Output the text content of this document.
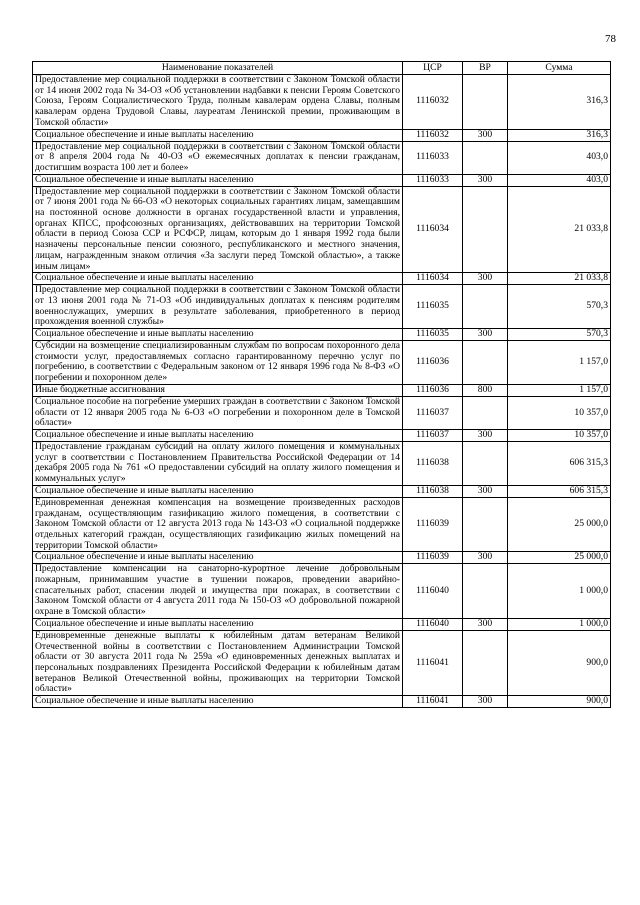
78
Наименование показателей	ЦСР	ВР	Сумма
Предоставление мер социальной поддержки в соответствии с Законом Томской области от 14 июня 2002 года № 34-ОЗ «Об установлении надбавки к пенсии Героям Советского Союза, Героям Социалистического Труда, полным кавалерам ордена Славы, полным кавалерам ордена Трудовой Славы, лауреатам Ленинской премии, проживающим в Томской области»	1116032		316,3
Социальное обеспечение и иные выплаты населению	1116032	300	316,3
Предоставление мер социальной поддержки в соответствии с Законом Томской области от 8 апреля 2004 года № 40-ОЗ «О ежемесячных доплатах к пенсии гражданам, достигшим возраста 100 лет и более»	1116033		403,0
Социальное обеспечение и иные выплаты населению	1116033	300	403,0
Предоставление мер социальной поддержки в соответствии с Законом Томской области от 7 июня 2001 года № 66-ОЗ «О некоторых социальных гарантиях лицам, замещавшим на постоянной основе должности в органах государственной власти и управления, органах КПСС, профсоюзных организациях, действовавших на территории Томской области в период Союза ССР и РСФСР, лицам, которым до 1 января 1992 года были назначены персональные пенсии союзного, республиканского и местного значения, лицам, награжденным знаком отличия «За заслуги перед Томской областью», а также иным лицам»	1116034		21 033,8
Социальное обеспечение и иные выплаты населению	1116034	300	21 033,8
Предоставление мер социальной поддержки в соответствии с Законом Томской области от 13 июня 2001 года № 71-ОЗ «Об индивидуальных доплатах к пенсиям родителям военнослужащих, умерших в результате заболевания, приобретенного в период прохождения военной службы»	1116035		570,3
Социальное обеспечение и иные выплаты населению	1116035	300	570,3
Субсидии на возмещение специализированным службам по вопросам похоронного дела стоимости услуг, предоставляемых согласно гарантированному перечню услуг по погребению, в соответствии с Федеральным законом от 12 января 1996 года № 8-ФЗ «О погребении и похоронном деле»	1116036		1 157,0
Иные бюджетные ассигнования	1116036	800	1 157,0
Социальное пособие на погребение умерших граждан в соответствии с Законом Томской области от 12 января 2005 года № 6-ОЗ «О погребении и похоронном деле в Томской области»	1116037		10 357,0
Социальное обеспечение и иные выплаты населению	1116037	300	10 357,0
Предоставление гражданам субсидий на оплату жилого помещения и коммунальных услуг в соответствии с Постановлением Правительства Российской Федерации от 14 декабря 2005 года № 761 «О предоставлении субсидий на оплату жилого помещения и коммунальных услуг»	1116038		606 315,3
Социальное обеспечение и иные выплаты населению	1116038	300	606 315,3
Единовременная денежная компенсация на возмещение произведенных расходов гражданам, осуществляющим газификацию жилого помещения, в соответствии с Законом Томской области от 12 августа 2013 года № 143-ОЗ «О социальной поддержке отдельных категорий граждан, осуществляющих газификацию жилых помещений на территории Томской области»	1116039		25 000,0
Социальное обеспечение и иные выплаты населению	1116039	300	25 000,0
Предоставление компенсации на санаторно-курортное лечение добровольным пожарным, принимавшим участие в тушении пожаров, проведении аварийно-спасательных работ, спасении людей и имущества при пожарах, в соответствии с Законом Томской области от 4 августа 2011 года № 150-ОЗ «О добровольной пожарной охране в Томской области»	1116040		1 000,0
Социальное обеспечение и иные выплаты населению	1116040	300	1 000,0
Единовременные денежные выплаты к юбилейным датам ветеранам Великой Отечественной войны в соответствии с Постановлением Администрации Томской области от 30 августа 2011 года № 259а «О единовременных денежных выплатах и персональных поздравлениях Президента Российской Федерации к юбилейным датам ветеранов Великой Отечественной войны, проживающих на территории Томской области»	1116041		900,0
Социальное обеспечение и иные выплаты населению	1116041	300	900,0
